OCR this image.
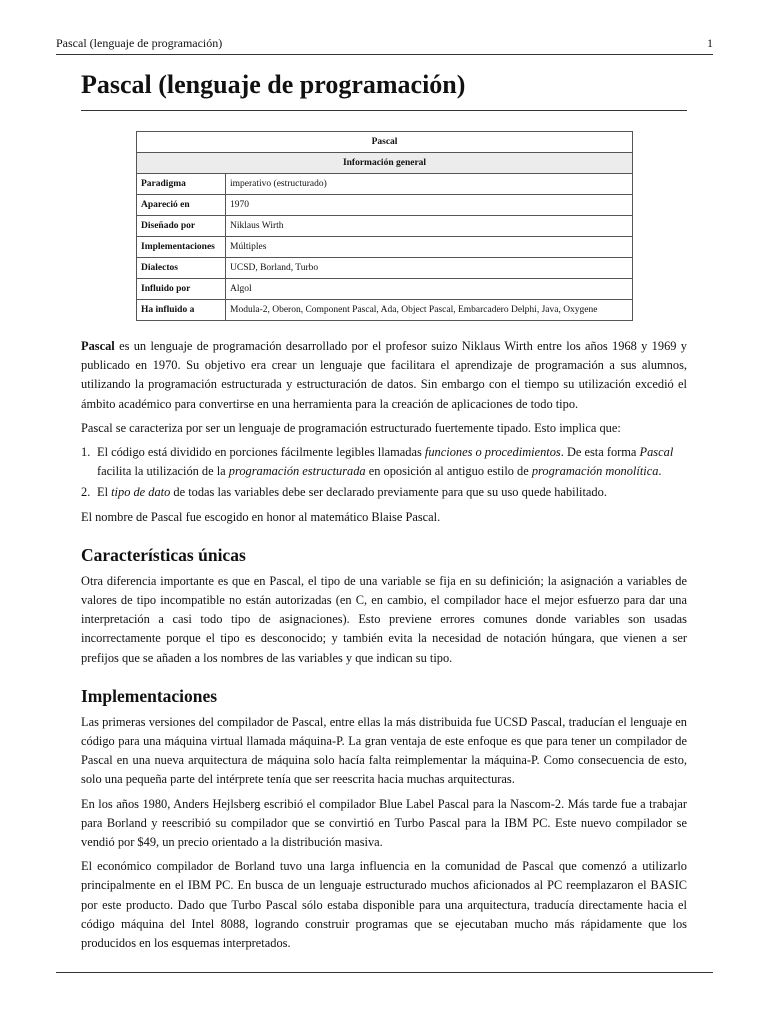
Pascal (lenguaje de programación)	1
Pascal (lenguaje de programación)
Pascal	
Información general	
Paradigma	imperativo (estructurado)
Apareció en	1970
Diseñado por	Niklaus Wirth
Implementaciones	Múltiples
Dialectos	UCSD, Borland, Turbo
Influido por	Algol
Ha influido a	Modula-2, Oberon, Component Pascal, Ada, Object Pascal, Embarcadero Delphi, Java, Oxygene

Pascal es un lenguaje de programación desarrollado por el profesor suizo Niklaus Wirth entre los años 1968 y 1969 y publicado en 1970. Su objetivo era crear un lenguaje que facilitara el aprendizaje de programación a sus alumnos, utilizando la programación estructurada y estructuración de datos. Sin embargo con el tiempo su utilización excedió el ámbito académico para convertirse en una herramienta para la creación de aplicaciones de todo tipo.

Pascal se caracteriza por ser un lenguaje de programación estructurado fuertemente tipado. Esto implica que:

1. El código está dividido en porciones fácilmente legibles llamadas funciones o procedimientos. De esta forma Pascal facilita la utilización de la programación estructurada en oposición al antiguo estilo de programación monolítica.
2. El tipo de dato de todas las variables debe ser declarado previamente para que su uso quede habilitado.

El nombre de Pascal fue escogido en honor al matemático Blaise Pascal.

Características únicas

Otra diferencia importante es que en Pascal, el tipo de una variable se fija en su definición; la asignación a variables de valores de tipo incompatible no están autorizadas (en C, en cambio, el compilador hace el mejor esfuerzo para dar una interpretación a casi todo tipo de asignaciones). Esto previene errores comunes donde variables son usadas incorrectamente porque el tipo es desconocido; y también evita la necesidad de notación húngara, que vienen a ser prefijos que se añaden a los nombres de las variables y que indican su tipo.

Implementaciones

Las primeras versiones del compilador de Pascal, entre ellas la más distribuida fue UCSD Pascal, traducían el lenguaje en código para una máquina virtual llamada máquina-P. La gran ventaja de este enfoque es que para tener un compilador de Pascal en una nueva arquitectura de máquina solo hacía falta reimplementar la máquina-P. Como consecuencia de esto, solo una pequeña parte del intérprete tenía que ser reescrita hacia muchas arquitecturas.

En los años 1980, Anders Hejlsberg escribió el compilador Blue Label Pascal para la Nascom-2. Más tarde fue a trabajar para Borland y reescribió su compilador que se convirtió en Turbo Pascal para la IBM PC. Este nuevo compilador se vendió por $49, un precio orientado a la distribución masiva.

El económico compilador de Borland tuvo una larga influencia en la comunidad de Pascal que comenzó a utilizarlo principalmente en el IBM PC. En busca de un lenguaje estructurado muchos aficionados al PC reemplazaron el BASIC por este producto. Dado que Turbo Pascal sólo estaba disponible para una arquitectura, traducía directamente hacia el código máquina del Intel 8088, logrando construir programas que se ejecutaban mucho más rápidamente que los producidos en los esquemas interpretados.
